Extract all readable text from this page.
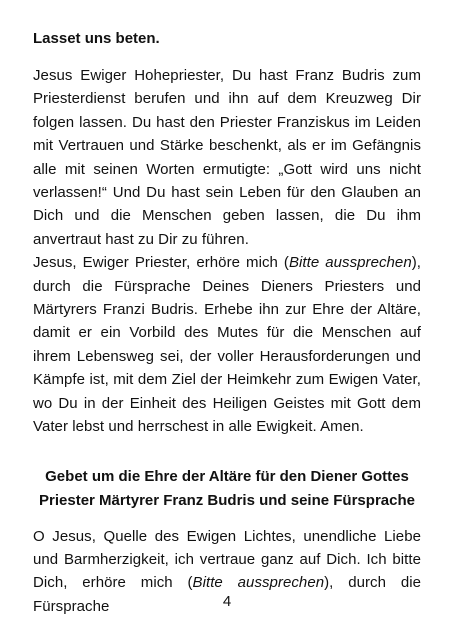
Lasset uns beten.

Jesus Ewiger Hohepriester, Du hast Franz Budris zum Priesterdienst berufen und ihn auf dem Kreuzweg Dir folgen lassen. Du hast den Priester Franziskus im Leiden mit Vertrauen und Stärke beschenkt, als er im Gefängnis alle mit seinen Worten ermutigte: „Gott wird uns nicht verlassen!“ Und Du hast sein Leben für den Glauben an Dich und die Menschen geben lassen, die Du ihm anvertraut hast zu Dir zu führen.

Jesus, Ewiger Priester, erhöre mich (Bitte aussprechen), durch die Fürsprache Deines Dieners Priesters und Märtyrers Franzi Budris. Erhebe ihn zur Ehre der Altäre, damit er ein Vorbild des Mutes für die Menschen auf ihrem Lebensweg sei, der voller Herausforderungen und Kämpfe ist, mit dem Ziel der Heimkehr zum Ewigen Vater, wo Du in der Einheit des Heiligen Geistes mit Gott dem Vater lebst und herrschest in alle Ewigkeit. Amen.

Gebet um die Ehre der Altäre für den Diener Gottes
Priester Märtyrer Franz Budris und seine Fürsprache

O Jesus, Quelle des Ewigen Lichtes, unendliche Liebe und Barmherzigkeit, ich vertraue ganz auf Dich. Ich bitte Dich, erhöre mich (Bitte aussprechen), durch die Fürsprache	4
